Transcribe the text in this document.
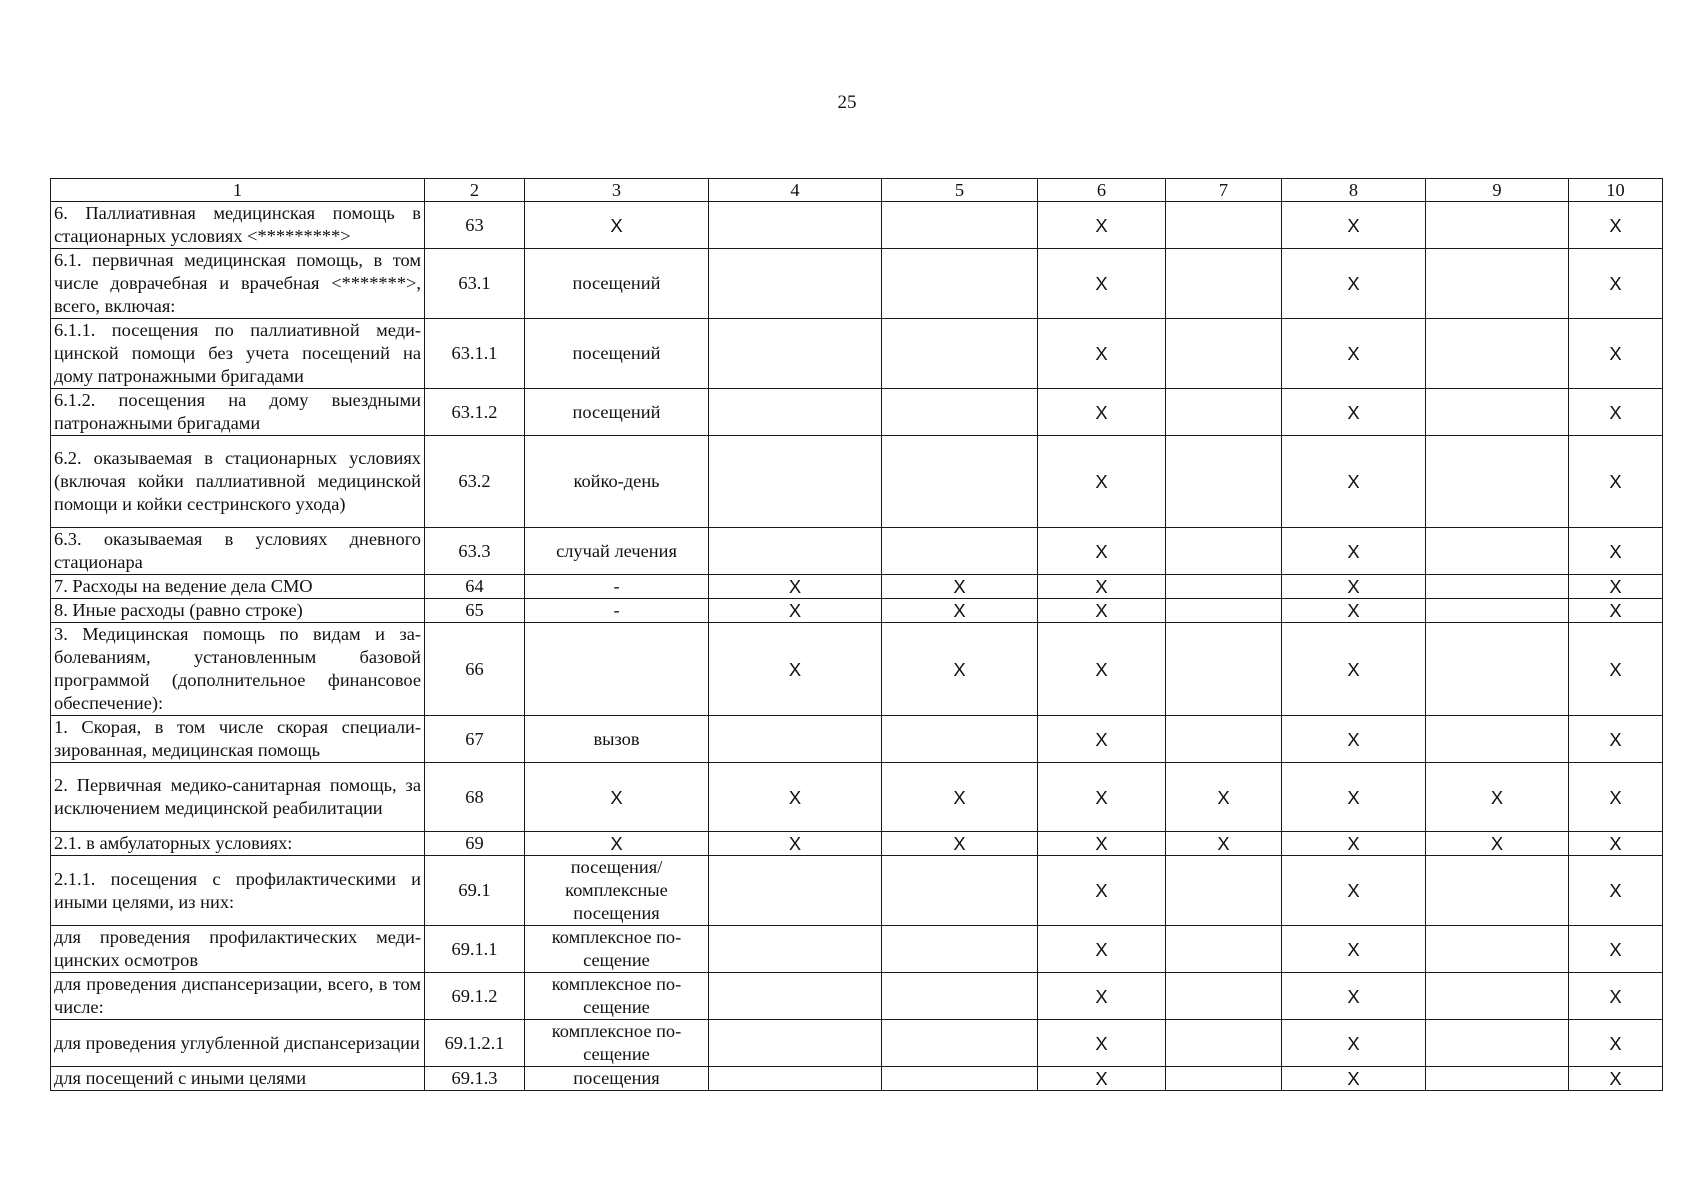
25
1	2	3	4	5	6	7	8	9	10
6. Паллиативная медицинская помощь в стационарных условиях <*********>	63	X			X		X		X
6.1. первичная медицинская помощь, в том числе доврачебная и врачебная <*******>, всего, включая:	63.1	посещений			X		X		X
6.1.1. посещения по паллиативной медицинской помощи без учета посещений на дому патронажными бригадами	63.1.1	посещений			X		X		X
6.1.2. посещения на дому выездными патронажными бригадами	63.1.2	посещений			X		X		X
6.2. оказываемая в стационарных условиях (включая койки паллиативной медицинской помощи и койки сестринского ухода)	63.2	койко-день			X		X		X
6.3. оказываемая в условиях дневного стационара	63.3	случай лечения			X		X		X
7. Расходы на ведение дела СМО	64	-	X	X	X		X		X
8. Иные расходы (равно строке)	65	-	X	X	X		X		X
3. Медицинская помощь по видам и заболеваниям, установленным базовой программой (дополнительное финансовое обеспечение):	66		X	X	X		X		X
1. Скорая, в том числе скорая специализированная, медицинская помощь	67	вызов			X		X		X
2. Первичная медико-санитарная помощь, за исключением медицинской реабилитации	68	X	X	X	X	X	X	X	X
2.1. в амбулаторных условиях:	69	X	X	X	X	X	X	X	X
2.1.1. посещения с профилактическими и иными целями, из них:	69.1	посещения/комплексные посещения			X		X		X
для проведения профилактических медицинских осмотров	69.1.1	комплексное посещение			X		X		X
для проведения диспансеризации, всего, в том числе:	69.1.2	комплексное посещение			X		X		X
для проведения углубленной диспансеризации	69.1.2.1	комплексное посещение			X		X		X
для посещений с иными целями	69.1.3	посещения			X		X		X
